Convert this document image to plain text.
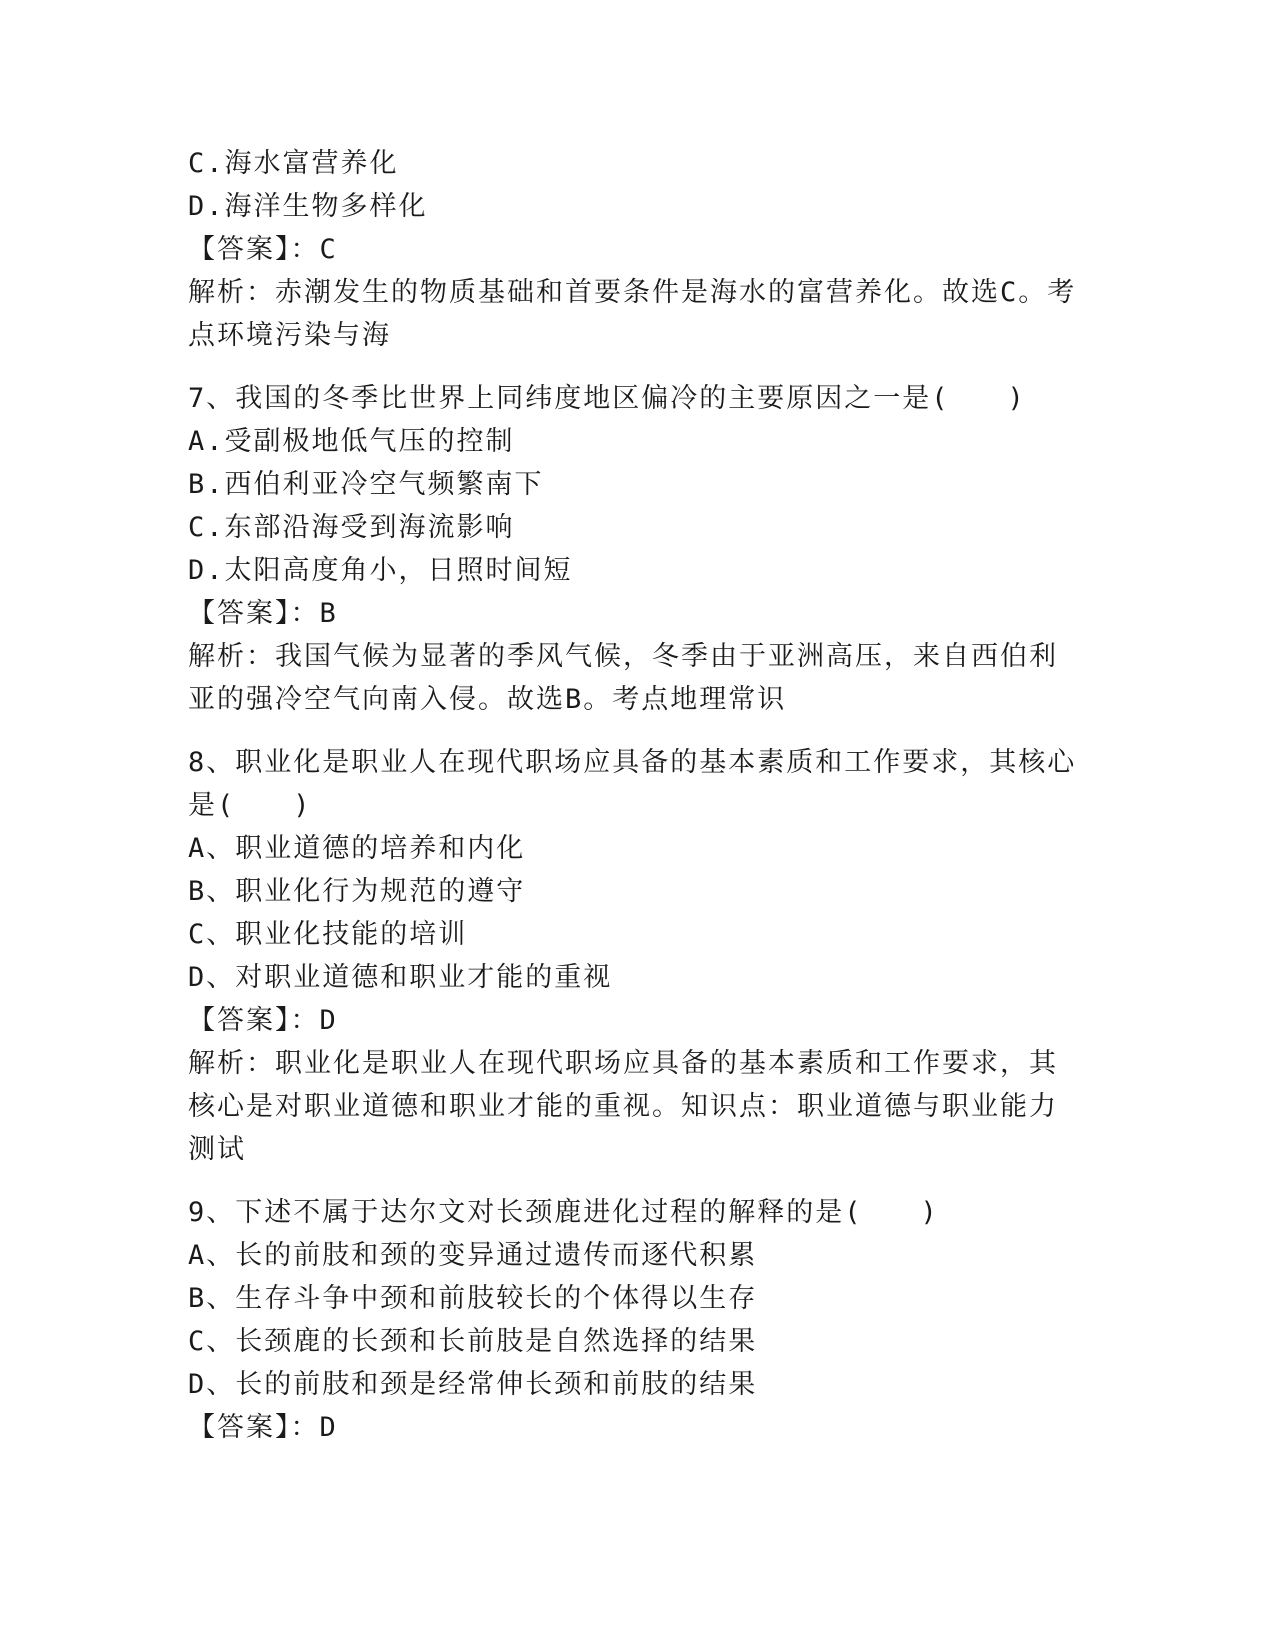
C.海水富营养化
D.海洋生物多样化
【答案】：C
解析：赤潮发生的物质基础和首要条件是海水的富营养化。故选C。考
点环境污染与海
7、我国的冬季比世界上同纬度地区偏冷的主要原因之一是(　　)
A.受副极地低气压的控制
B.西伯利亚冷空气频繁南下
C.东部沿海受到海流影响
D.太阳高度角小，日照时间短
【答案】：B
解析：我国气候为显著的季风气候，冬季由于亚洲高压，来自西伯利
亚的强冷空气向南入侵。故选B。考点地理常识
8、职业化是职业人在现代职场应具备的基本素质和工作要求，其核心
是(　　)
A、职业道德的培养和内化
B、职业化行为规范的遵守
C、职业化技能的培训
D、对职业道德和职业才能的重视
【答案】：D
解析：职业化是职业人在现代职场应具备的基本素质和工作要求，其
核心是对职业道德和职业才能的重视。知识点：职业道德与职业能力
测试
9、下述不属于达尔文对长颈鹿进化过程的解释的是(　　)
A、长的前肢和颈的变异通过遗传而逐代积累
B、生存斗争中颈和前肢较长的个体得以生存
C、长颈鹿的长颈和长前肢是自然选择的结果
D、长的前肢和颈是经常伸长颈和前肢的结果
【答案】：D
